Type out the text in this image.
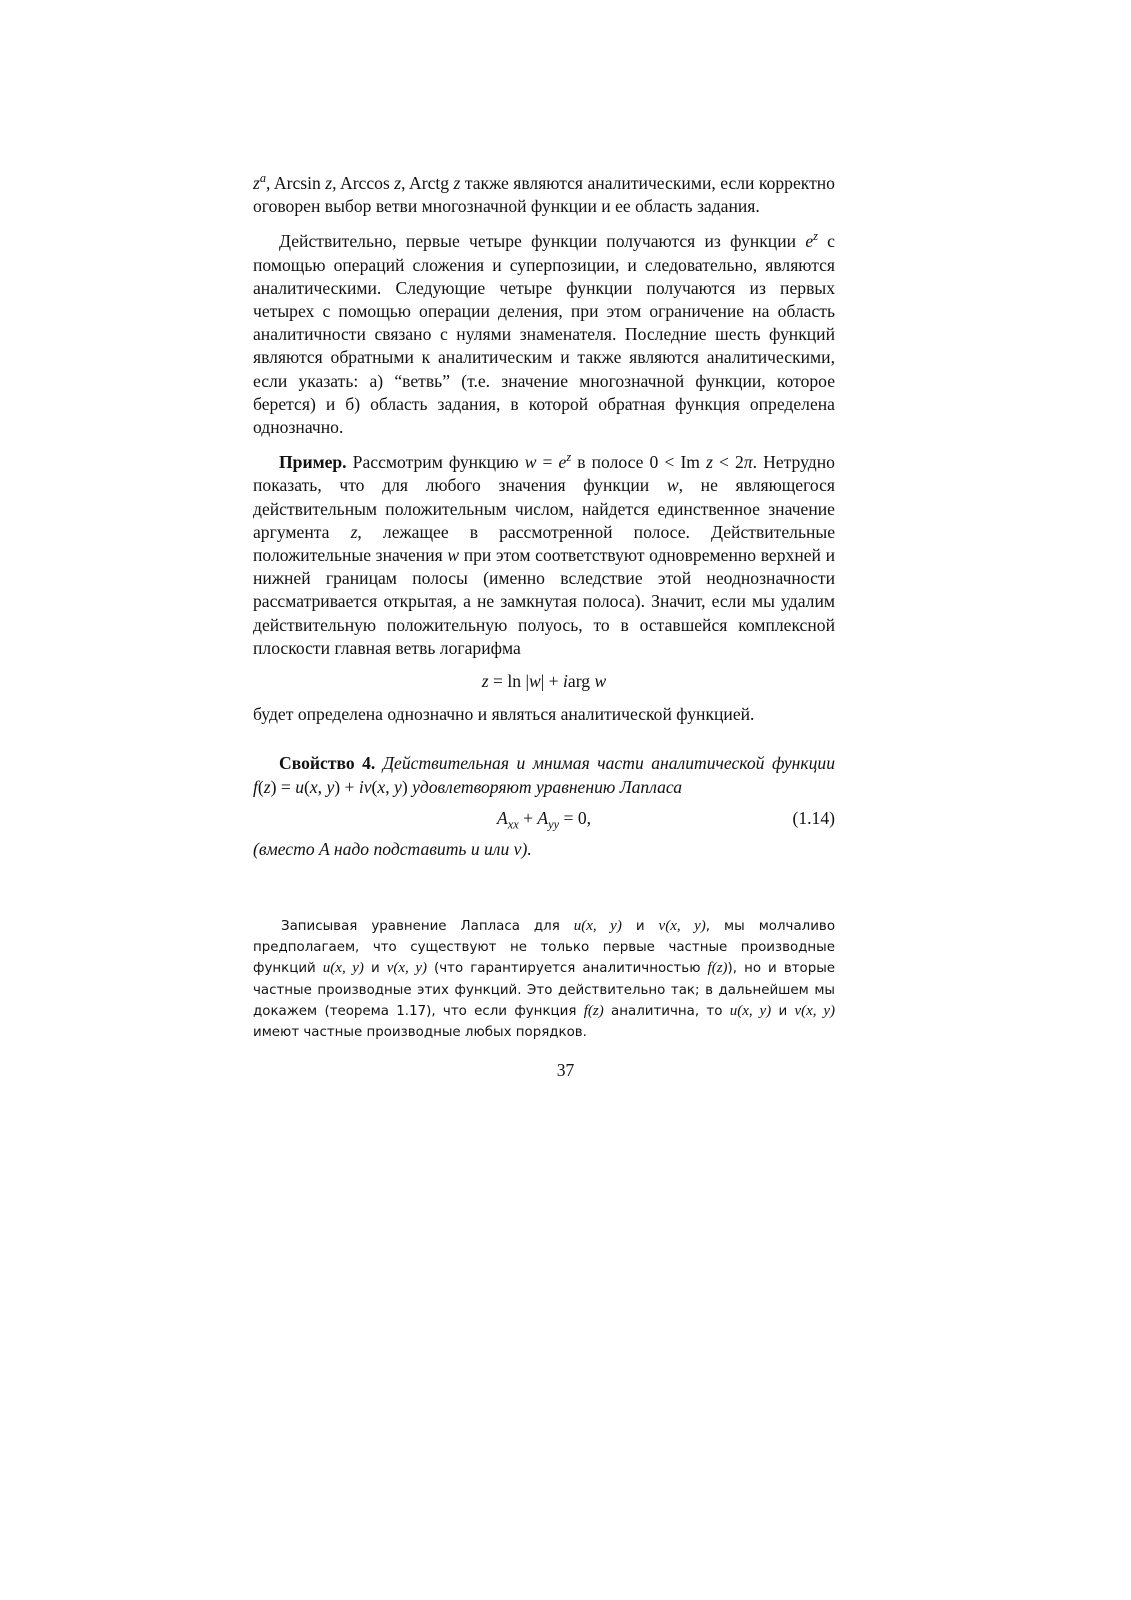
$z^a$, Arcsin z, Arccos z, Arctg z также являются аналитическими, если корректно оговорен выбор ветви многозначной функции и ее область задания.

Действительно, первые четыре функции получаются из функции $e^z$ с помощью операций сложения и суперпозиции, и следовательно, являются аналитическими. Следующие четыре функции получаются из первых четырех с помощью операции деления, при этом ограничение на область аналитичности связано с нулями знаменателя. Последние шесть функций являются обратными к аналитическим и также являются аналитическими, если указать: а) “ветвь” (т.е. значение многозначной функции, которое берется) и б) область задания, в которой обратная функция определена однозначно.

Пример. Рассмотрим функцию $w = e^z$ в полосе 0 < Im z < 2π. Нетрудно показать, что для любого значения функции w, не являющегося действительным положительным числом, найдется единственное значение аргумента z, лежащее в рассмотренной полосе. Действительные положительные значения w при этом соответствуют одновременно верхней и нижней границам полосы (именно вследствие этой неоднозначности рассматривается открытая, а не замкнутая полоса). Значит, если мы удалим действительную положительную полуось, то в оставшейся комплексной плоскости главная ветвь логарифма

z = ln |w| + iarg w

будет определена однозначно и являться аналитической функцией.

Свойство 4. Действительная и мнимая части аналитической функции f(z) = u(x, y) + iv(x, y) удовлетворяют уравнению Лапласа

$A_{xx} + A_{yy} = 0$,	(1.14)

(вместо A надо подставить u или v).

Записывая уравнение Лапласа для u(x, y) и v(x, y), мы молчаливо предполагаем, что существуют не только первые частные производные функций u(x, y) и v(x, y) (что гарантируется аналитичностью f(z)), но и вторые частные производные этих функций. Это действительно так; в дальнейшем мы докажем (теорема 1.17), что если функция f(z) аналитична, то u(x, y) и v(x, y) имеют частные производные любых порядков.

37
